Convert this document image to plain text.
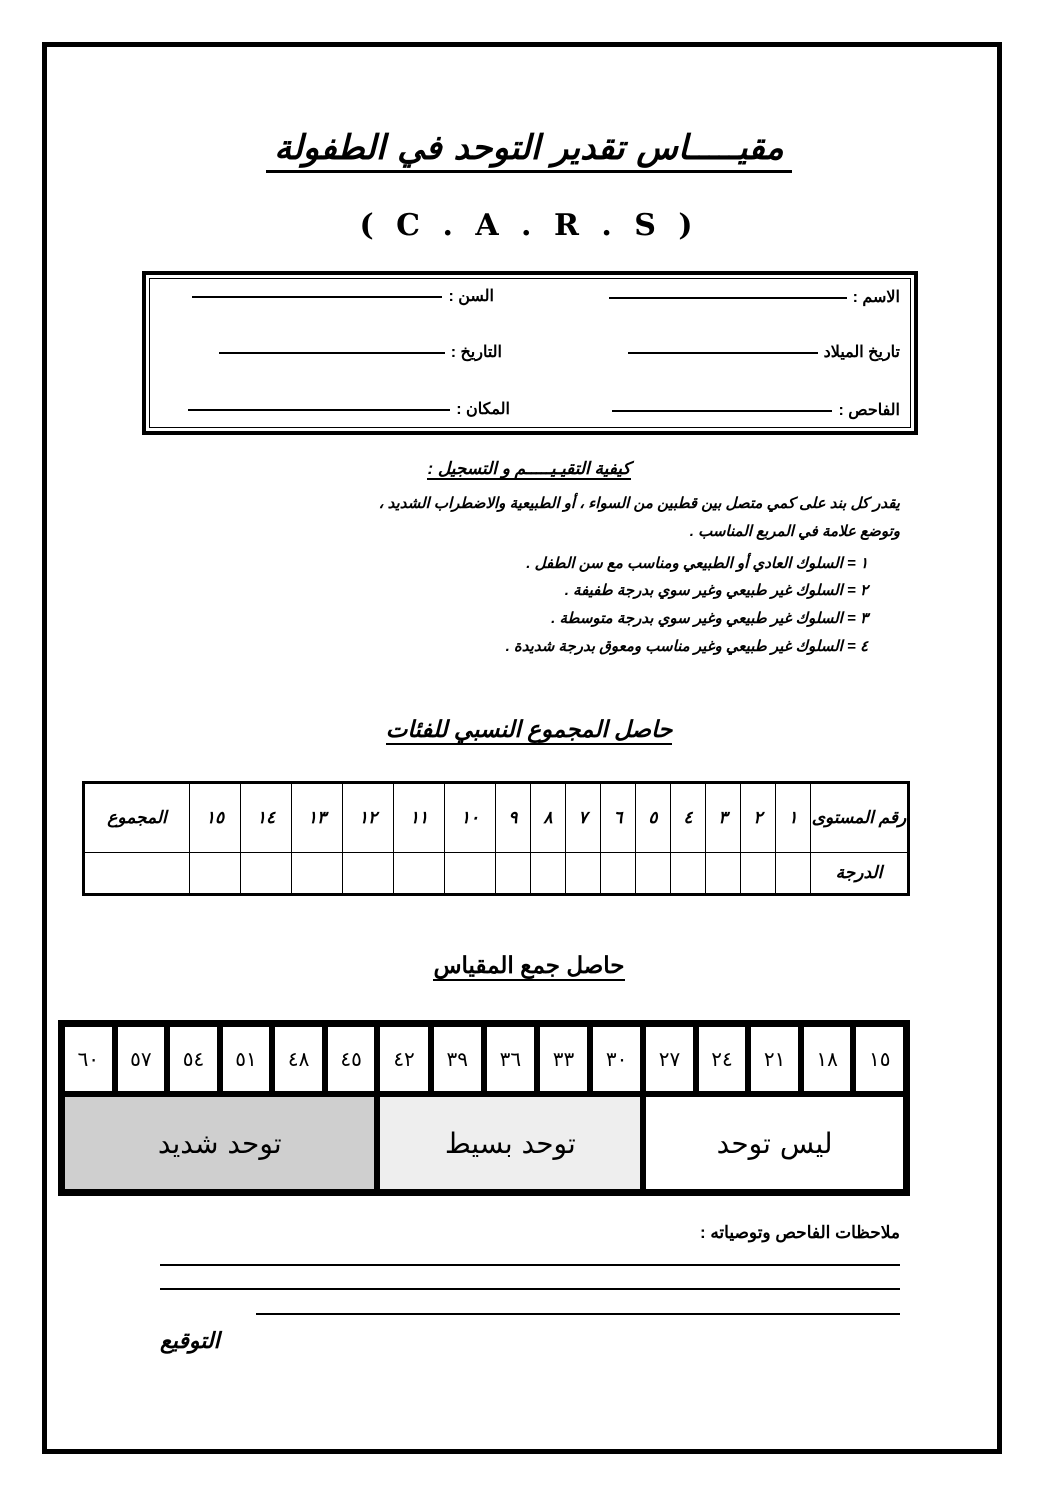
مقيـــــاس تقدير التوحد في الطفولة
( C . A . R . S )
الاسم :
السن :
تاريخ الميلاد
التاريخ :
الفاحص :
المكان :
كيفية التقيـيـــــم و التسجيل :
يقدر كل بند على كمي متصل بين قطبين من السواء ، أو الطبيعية والاضطراب الشديد ،
وتوضع علامة في المربع المناسب .
١ = السلوك العادي أو الطبيعي ومناسب مع سن الطفل .
٢ = السلوك غير طبيعي وغير سوي بدرجة طفيفة .
٣ = السلوك غير طبيعي وغير سوي بدرجة متوسطة .
٤ = السلوك غير طبيعي وغير مناسب ومعوق بدرجة شديدة .
حاصل المجموع النسبي للفئات
رقم المستوى	١	٢	٣	٤	٥	٦	٧	٨	٩	١٠	١١	١٢	١٣	١٤	١٥	المجموع
الدرجة																
حاصل جمع المقياس
١٥	١٨	٢١	٢٤	٢٧	٣٠	٣٣	٣٦	٣٩	٤٢	٤٥	٤٨	٥١	٥٤	٥٧	٦٠
ليس توحد					توحد بسيط					توحد شديد					
ملاحظات الفاحص وتوصياته :
التوقيع
